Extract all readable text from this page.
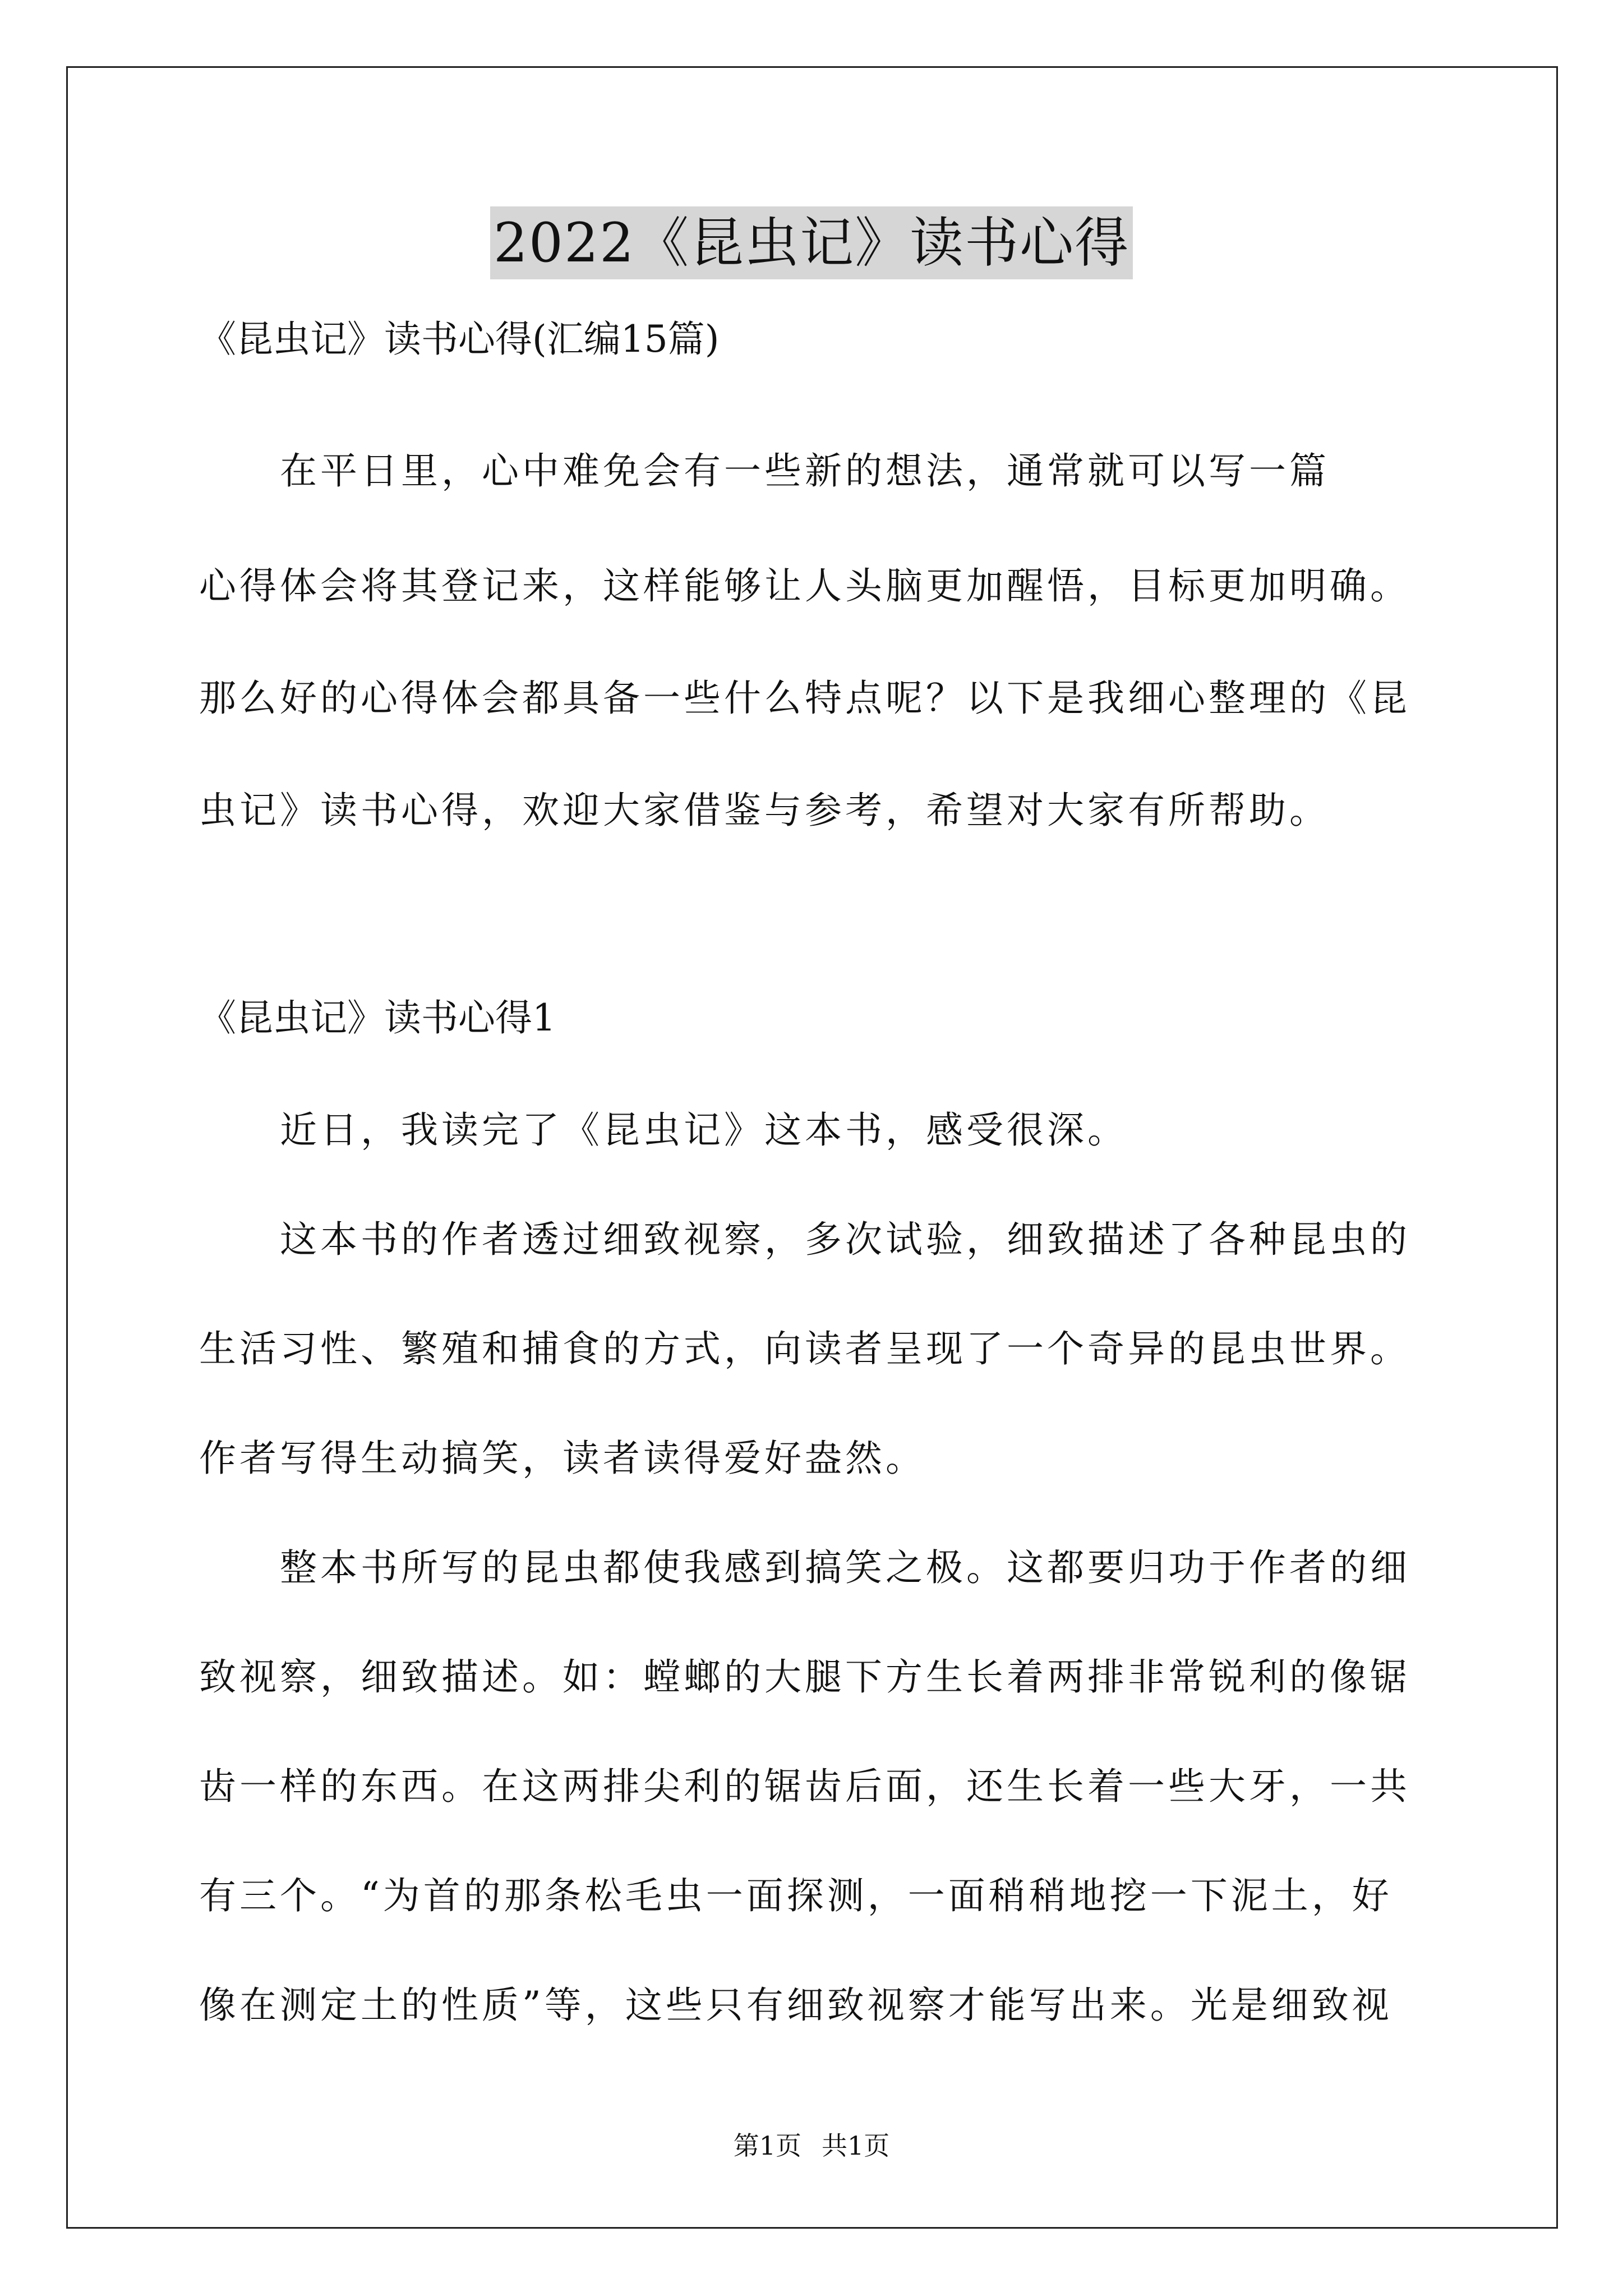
2022《昆虫记》读书心得
《昆虫记》读书心得(汇编15篇)
　　在平日里，心中难免会有一些新的想法，通常就可以写一篇
心得体会将其登记来，这样能够让人头脑更加醒悟，目标更加明确。
那么好的心得体会都具备一些什么特点呢？以下是我细心整理的《昆
虫记》读书心得，欢迎大家借鉴与参考，希望对大家有所帮助。
《昆虫记》读书心得1
　　近日，我读完了《昆虫记》这本书，感受很深。
　　这本书的作者透过细致视察，多次试验，细致描述了各种昆虫的
生活习性、繁殖和捕食的方式，向读者呈现了一个奇异的昆虫世界。
作者写得生动搞笑，读者读得爱好盎然。
　　整本书所写的昆虫都使我感到搞笑之极。这都要归功于作者的细
致视察，细致描述。如：螳螂的大腿下方生长着两排非常锐利的像锯
齿一样的东西。在这两排尖利的锯齿后面，还生长着一些大牙，一共
有三个。“为首的那条松毛虫一面探测，一面稍稍地挖一下泥土，好
像在测定土的性质”等，这些只有细致视察才能写出来。光是细致视
第1页 共1页
